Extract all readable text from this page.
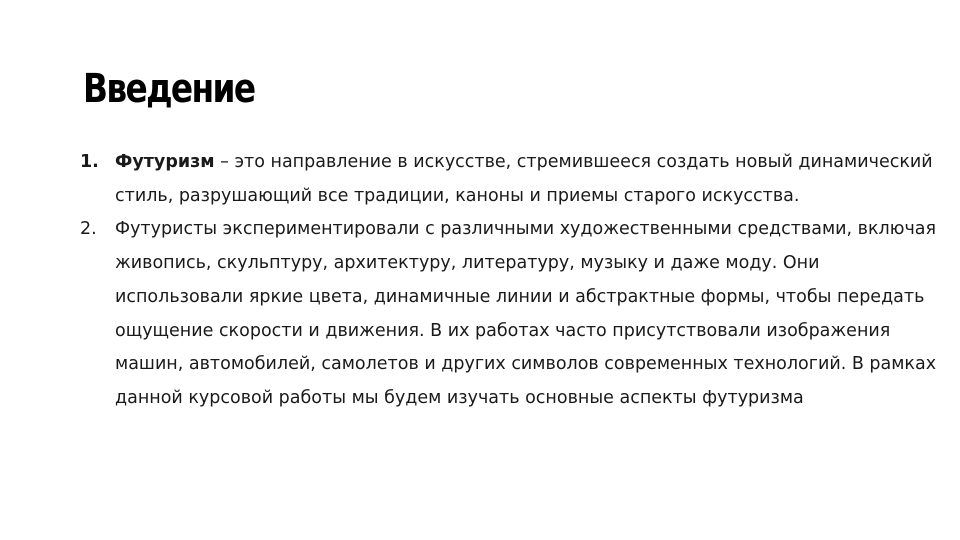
Введение
1. Футуризм – это направление в искусстве, стремившееся создать новый динамический стиль, разрушающий все традиции, каноны и приемы старого искусства.
2. Футуристы экспериментировали с различными художественными средствами, включая живопись, скульптуру, архитектуру, литературу, музыку и даже моду. Они использовали яркие цвета, динамичные линии и абстрактные формы, чтобы передать ощущение скорости и движения. В их работах часто присутствовали изображения машин, автомобилей, самолетов и других символов современных технологий. В рамках данной курсовой работы мы будем изучать основные аспекты футуризма
